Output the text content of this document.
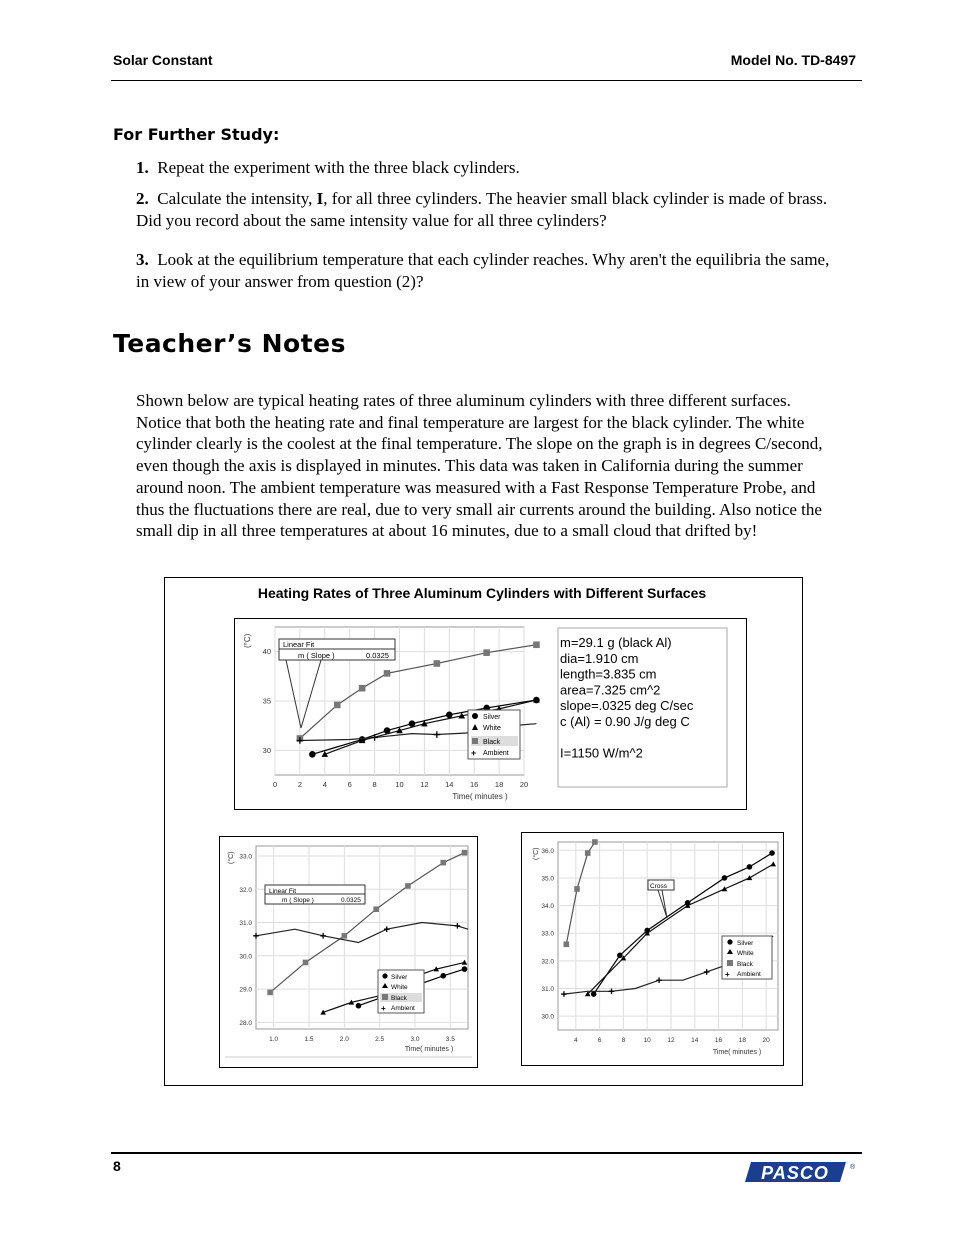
Solar Constant	Model No. TD-8497
For Further Study:
1. Repeat the experiment with the three black cylinders.
2. Calculate the intensity, I, for all three cylinders. The heavier small black cylinder is made of brass. Did you record about the same intensity value for all three cylinders?
3. Look at the equilibrium temperature that each cylinder reaches. Why aren't the equilibria the same, in view of your answer from question (2)?
Teacher’s Notes
Shown below are typical heating rates of three aluminum cylinders with three different surfaces. Notice that both the heating rate and final temperature are largest for the black cylinder. The white cylinder clearly is the coolest at the final temperature. The slope on the graph is in degrees C/second, even though the axis is displayed in minutes. This data was taken in California during the summer around noon. The ambient temperature was measured with a Fast Response Temperature Probe, and thus the fluctuations there are real, due to very small air currents around the building. Also notice the small dip in all three temperatures at about 16 minutes, due to a small cloud that drifted by!
Heating Rates of Three Aluminum Cylinders with Different Surfaces
0	2	4	6	8 10 12 14 16 18 20
30
35
40
(°C)
Time( minutes )
Linear Fit
m ( Slope )	0.0325
Silver
White
Black
+ Ambient
m=29.1 g (black Al)
dia=1.910 cm
length=3.835 cm
area=7.325 cm^2
slope=.0325 deg C/sec
c (Al) = 0.90 J/g deg C
I=1150 W/m^2
1.0	1.5	2.0	2.5	3.0	3.5
28.0
29.0
30.0
31.0
32.0
33.0
(°C)
Time( minutes )
Linear Fit
m ( Slope )	0.0325
Silver
White
Black
+ Ambient
4	6	8	10	12	14	16	18	20
30.0
31.0
32.0
33.0
34.0
35.0
36.0
(°C)
Time( minutes )
Cross
Silver
White
Black
+ Ambient
8	PASCO	®
